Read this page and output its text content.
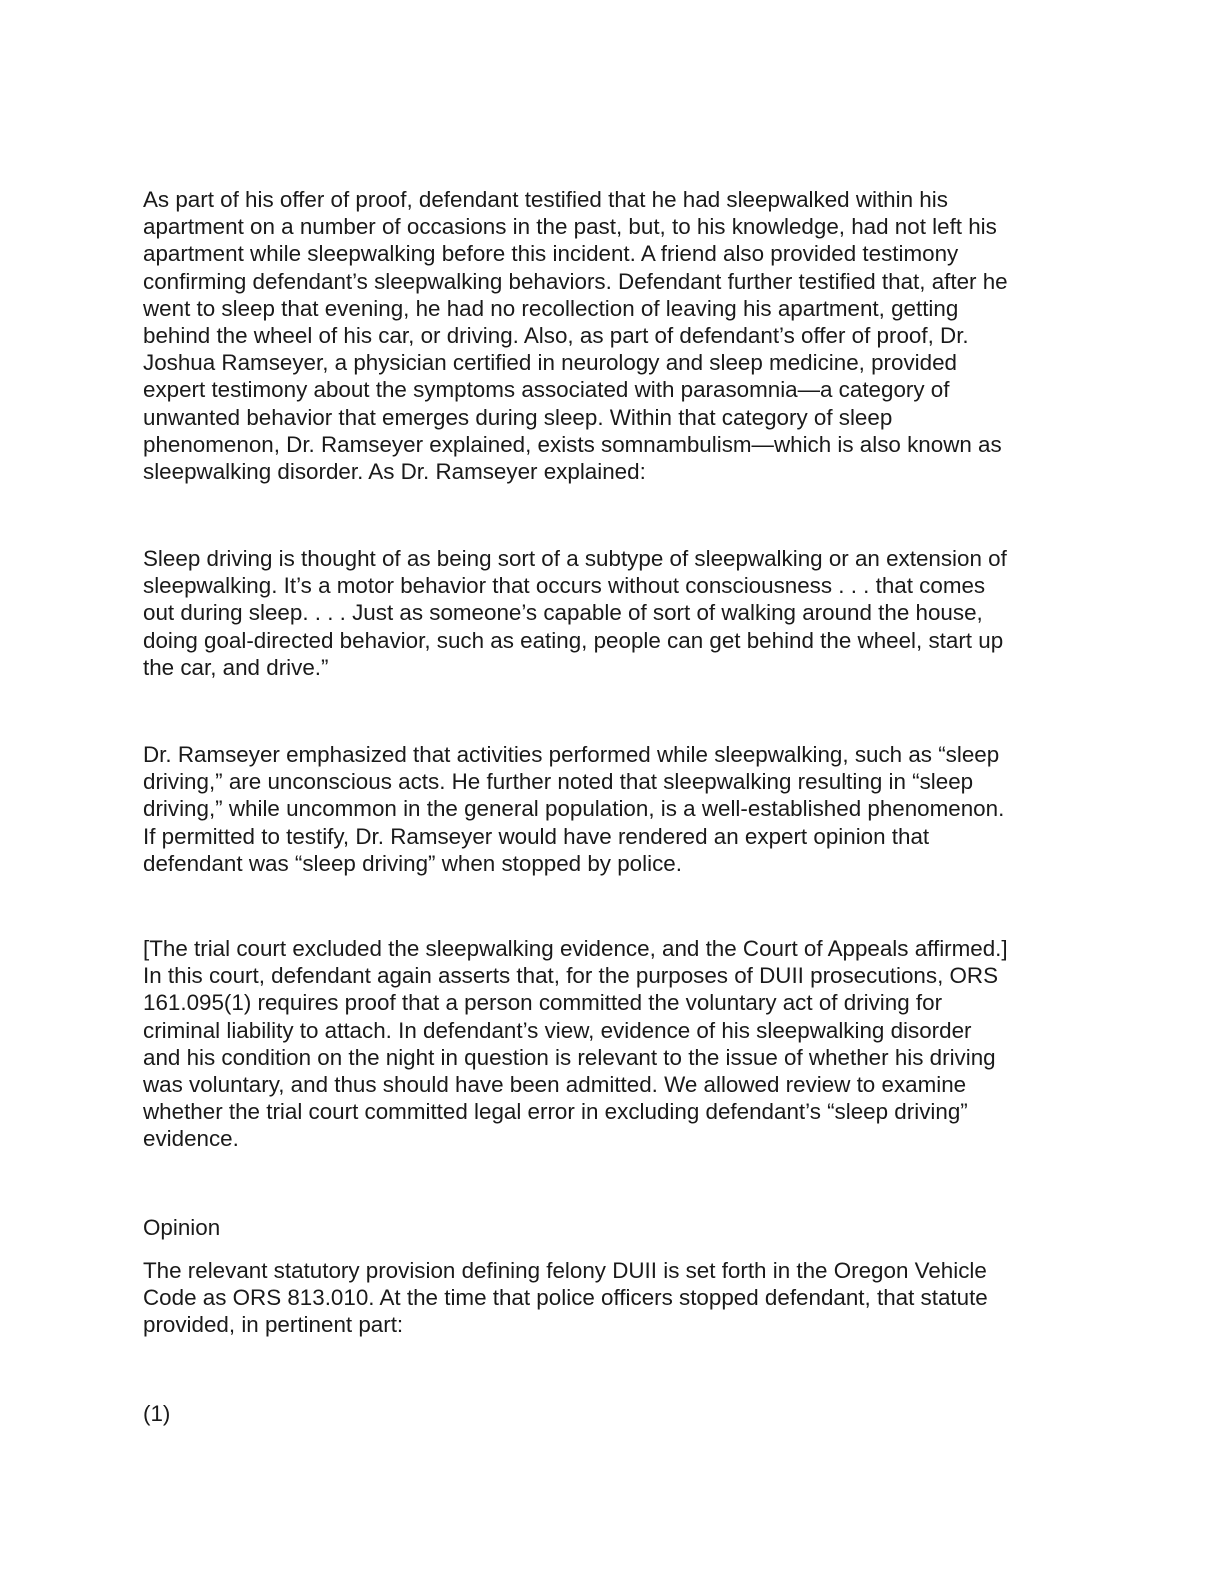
As part of his offer of proof, defendant testified that he had sleepwalked within his
apartment on a number of occasions in the past, but, to his knowledge, had not left his
apartment while sleepwalking before this incident. A friend also provided testimony
confirming defendant’s sleepwalking behaviors. Defendant further testified that, after he
went to sleep that evening, he had no recollection of leaving his apartment, getting
behind the wheel of his car, or driving. Also, as part of defendant’s offer of proof, Dr.
Joshua Ramseyer, a physician certified in neurology and sleep medicine, provided
expert testimony about the symptoms associated with parasomnia—a category of
unwanted behavior that emerges during sleep. Within that category of sleep
phenomenon, Dr. Ramseyer explained, exists somnambulism—which is also known as
sleepwalking disorder. As Dr. Ramseyer explained:

Sleep driving is thought of as being sort of a subtype of sleepwalking or an extension of
sleepwalking. It’s a motor behavior that occurs without consciousness . . . that comes
out during sleep. . . . Just as someone’s capable of sort of walking around the house,
doing goal-directed behavior, such as eating, people can get behind the wheel, start up
the car, and drive.”

Dr. Ramseyer emphasized that activities performed while sleepwalking, such as “sleep
driving,” are unconscious acts. He further noted that sleepwalking resulting in “sleep
driving,” while uncommon in the general population, is a well-established phenomenon.
If permitted to testify, Dr. Ramseyer would have rendered an expert opinion that
defendant was “sleep driving” when stopped by police.

[The trial court excluded the sleepwalking evidence, and the Court of Appeals affirmed.]
In this court, defendant again asserts that, for the purposes of DUII prosecutions, ORS
161.095(1) requires proof that a person committed the voluntary act of driving for
criminal liability to attach. In defendant’s view, evidence of his sleepwalking disorder
and his condition on the night in question is relevant to the issue of whether his driving
was voluntary, and thus should have been admitted. We allowed review to examine
whether the trial court committed legal error in excluding defendant’s “sleep driving”
evidence.

Opinion

The relevant statutory provision defining felony DUII is set forth in the Oregon Vehicle
Code as ORS 813.010. At the time that police officers stopped defendant, that statute
provided, in pertinent part:

(1)
